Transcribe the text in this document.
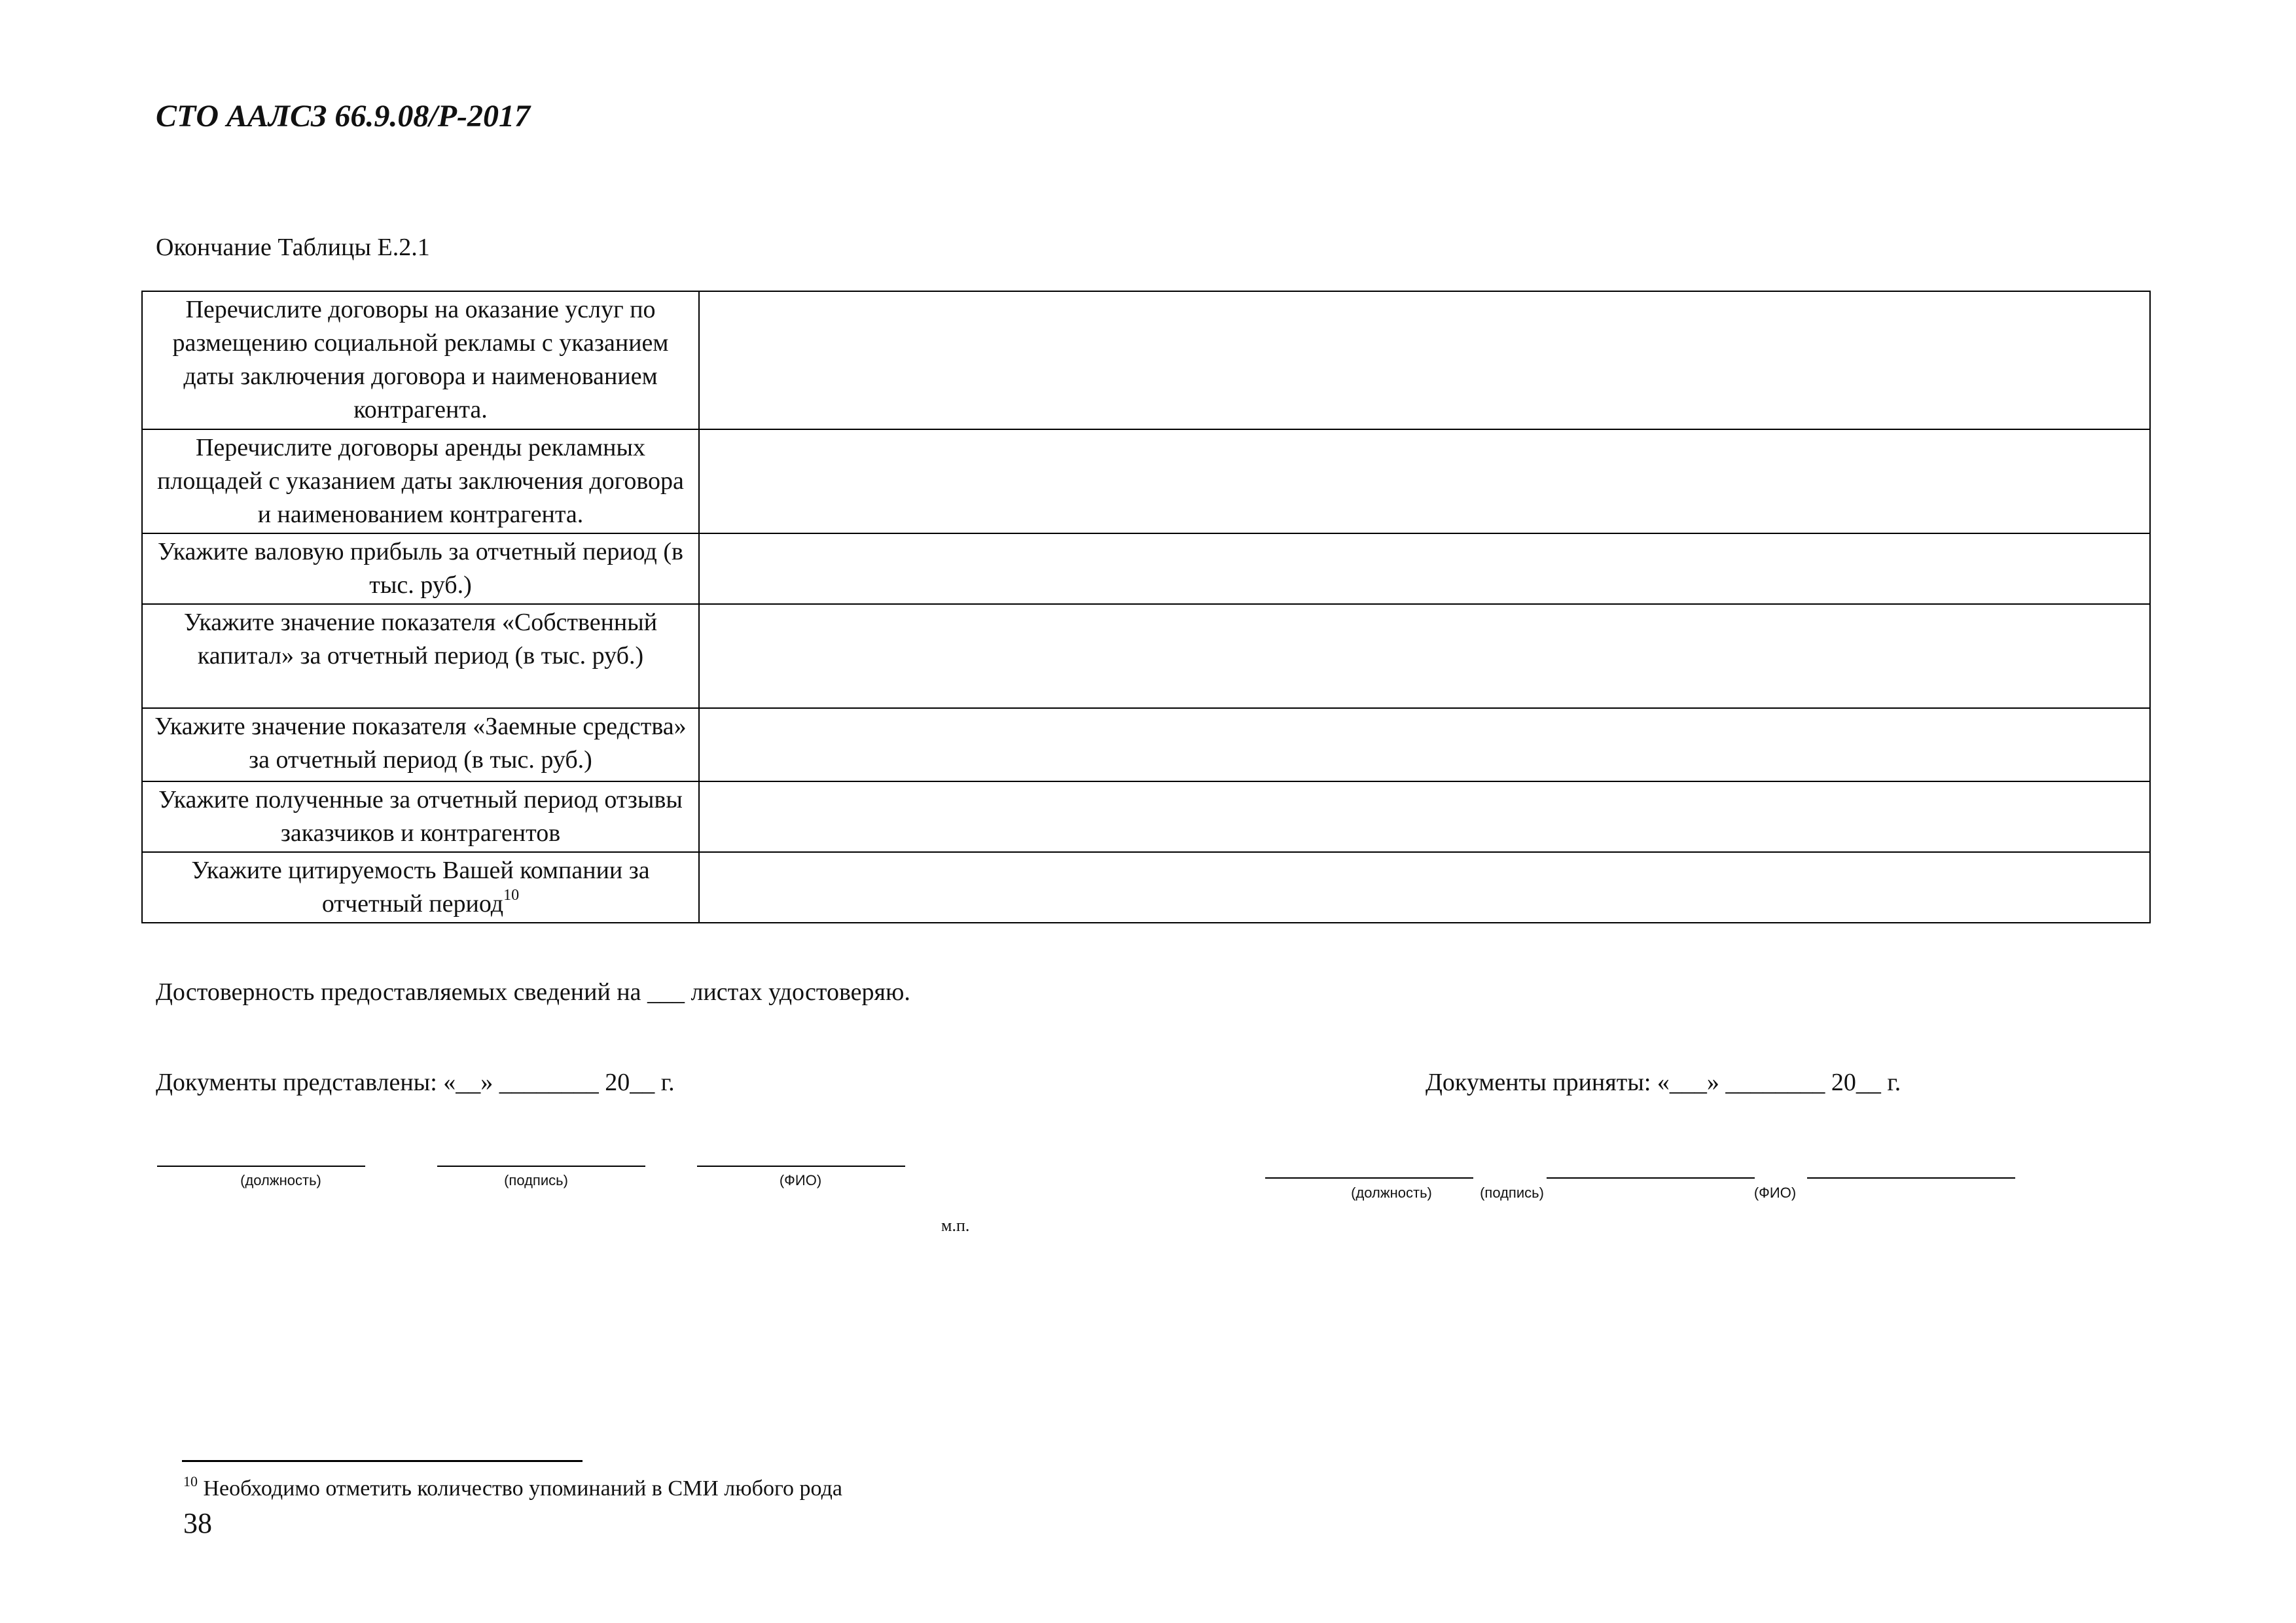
СТО ААЛСЗ 66.9.08/Р-2017
Окончание Таблицы Е.2.1
Перечислите договоры на оказание услуг по размещению социальной рекламы с указанием даты заключения договора и наименованием контрагента.	
Перечислите договоры аренды рекламных площадей с указанием даты заключения договора и наименованием контрагента.	
Укажите валовую прибыль за отчетный период (в тыс. руб.)	
Укажите значение показателя «Собственный капитал» за отчетный период (в тыс. руб.)	
Укажите значение показателя «Заемные средства» за отчетный период (в тыс. руб.)	
Укажите полученные за отчетный период отзывы заказчиков и контрагентов	
Укажите цитируемость Вашей компании за отчетный период$^{10}$	
Достоверность предоставляемых сведений на ___ листах удостоверяю.
Документы представлены: «__» ________ 20__ г.	Документы приняты: «___» ________ 20__ г.
(должность)	(подпись)	(ФИО)
м.п.
(должность)	(подпись)	(ФИО)
$^{10}$ Необходимо отметить количество упоминаний в СМИ любого рода
38
